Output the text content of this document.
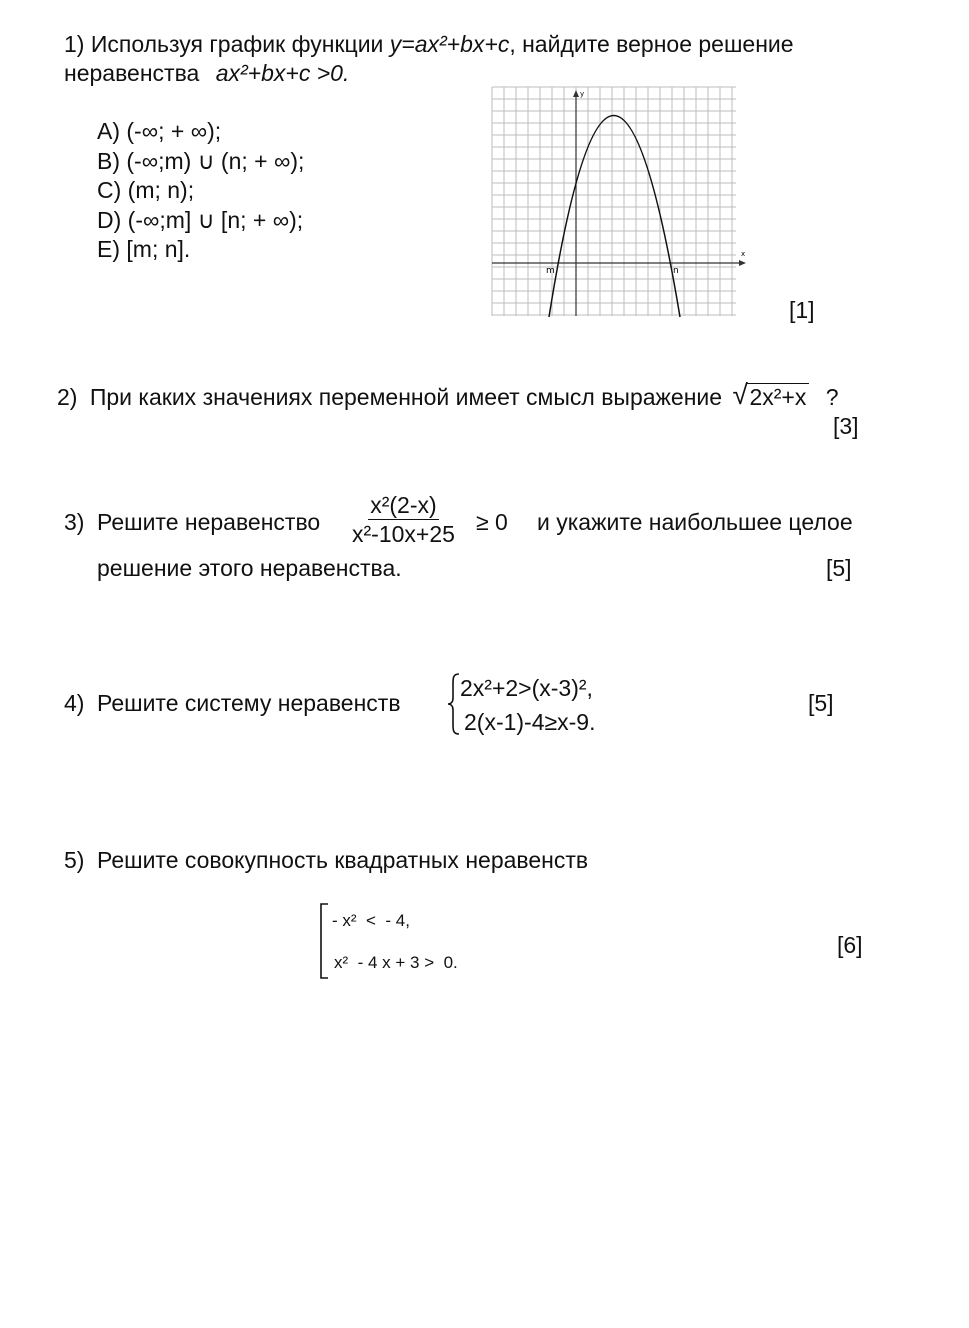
1) Используя график функции y=ax²+bx+c, найдите верное решение
неравенства ax²+bx+c >0.
A) (-∞; + ∞);
B) (-∞;m) ∪ (n; + ∞);
C) (m; n);
D) (-∞;m] ∪ [n; + ∞);
E) [m; n].
y
x
m	n
[1]
2) При каких значениях переменной имеет смысл выражение √ 2x²+x ?
[3]
3) Решите неравенство $\frac{\text{x²(2-x)}}{\text{x²-10x+25}} \ge 0$ и укажите наибольшее целое
решение этого неравенства.	[5]
4) Решите систему неравенств
2x²+2>(x-3)²,
2(x-1)-4≥x-9.
[5]
5) Решите совокупность квадратных неравенств
- x²  <  - 4,
x²  - 4 x + 3 >  0.
[6]
